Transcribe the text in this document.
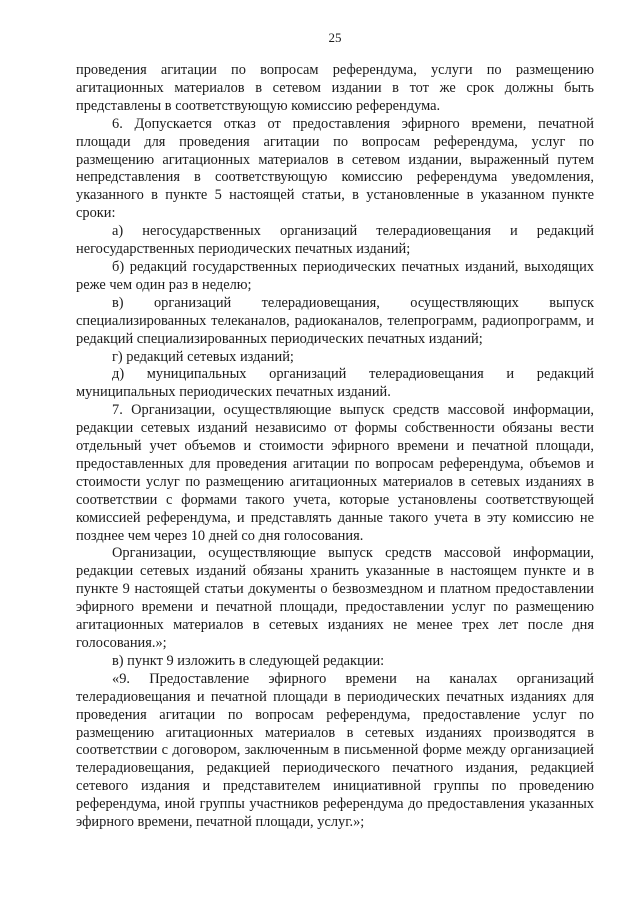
25

проведения агитации по вопросам референдума, услуги по размещению агитационных материалов в сетевом издании в тот же срок должны быть представлены в соответствующую комиссию референдума.

6. Допускается отказ от предоставления эфирного времени, печатной площади для проведения агитации по вопросам референдума, услуг по размещению агитационных материалов в сетевом издании, выраженный путем непредставления в соответствующую комиссию референдума уведомления, указанного в пункте 5 настоящей статьи, в установленные в указанном пункте сроки:

а) негосударственных организаций телерадиовещания и редакций негосударственных периодических печатных изданий;

б) редакций государственных периодических печатных изданий, выходящих реже чем один раз в неделю;

в) организаций телерадиовещания, осуществляющих выпуск специализированных телеканалов, радиоканалов, телепрограмм, радиопрограмм, и редакций специализированных периодических печатных изданий;

г) редакций сетевых изданий;

д) муниципальных организаций телерадиовещания и редакций муниципальных периодических печатных изданий.

7. Организации, осуществляющие выпуск средств массовой информации, редакции сетевых изданий независимо от формы собственности обязаны вести отдельный учет объемов и стоимости эфирного времени и печатной площади, предоставленных для проведения агитации по вопросам референдума, объемов и стоимости услуг по размещению агитационных материалов в сетевых изданиях в соответствии с формами такого учета, которые установлены соответствующей комиссией референдума, и представлять данные такого учета в эту комиссию не позднее чем через 10 дней со дня голосования.

Организации, осуществляющие выпуск средств массовой информации, редакции сетевых изданий обязаны хранить указанные в настоящем пункте и в пункте 9 настоящей статьи документы о безвозмездном и платном предоставлении эфирного времени и печатной площади, предоставлении услуг по размещению агитационных материалов в сетевых изданиях не менее трех лет после дня голосования.»;

в) пункт 9 изложить в следующей редакции:

«9. Предоставление эфирного времени на каналах организаций телерадиовещания и печатной площади в периодических печатных изданиях для проведения агитации по вопросам референдума, предоставление услуг по размещению агитационных материалов в сетевых изданиях производятся в соответствии с договором, заключенным в письменной форме между организацией телерадиовещания, редакцией периодического печатного издания, редакцией сетевого издания и представителем инициативной группы по проведению референдума, иной группы участников референдума до предоставления указанных эфирного времени, печатной площади, услуг.»;
